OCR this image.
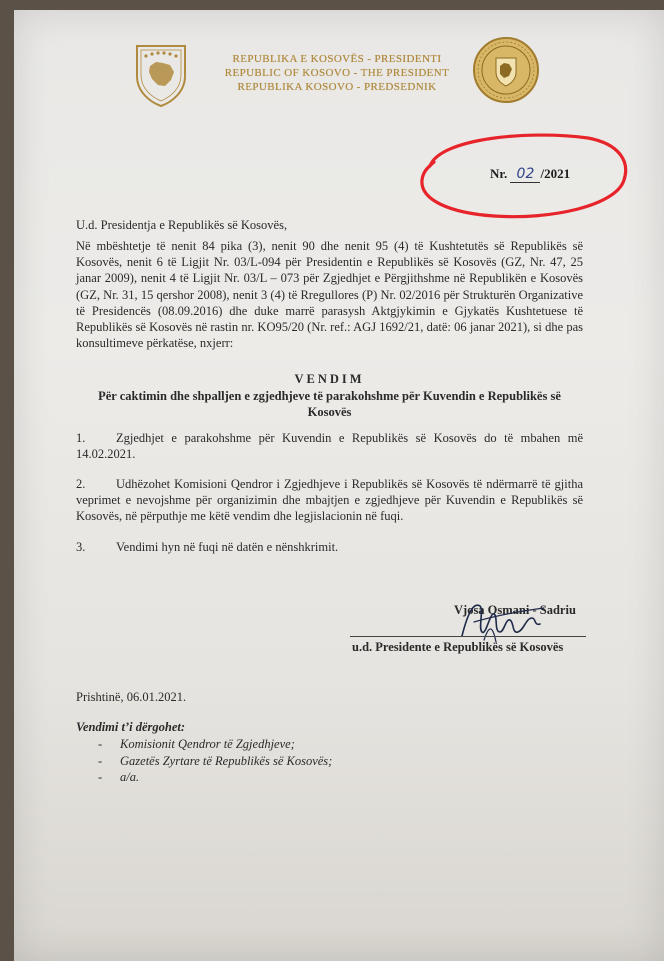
REPUBLIKA E KOSOVËS - PRESIDENTI
REPUBLIC OF KOSOVO - THE PRESIDENT
REPUBLIKA KOSOVO - PREDSEDNIK
Nr. 02 /2021
U.d. Presidentja e Republikës së Kosovës,
Në mbështetje të nenit 84 pika (3), nenit 90 dhe nenit 95 (4) të Kushtetutës së Republikës së Kosovës, nenit 6 të Ligjit Nr. 03/L-094 për Presidentin e Republikës së Kosovës (GZ, Nr. 47, 25 janar 2009), nenit 4 të Ligjit Nr. 03/L – 073 për Zgjedhjet e Përgjithshme në Republikën e Kosovës (GZ, Nr. 31, 15 qershor 2008), nenit 3 (4) të Rregullores (P) Nr. 02/2016 për Strukturën Organizative të Presidencës (08.09.2016) dhe duke marrë parasysh Aktgjykimin e Gjykatës Kushtetuese të Republikës së Kosovës në rastin nr. KO95/20 (Nr. ref.: AGJ 1692/21, datë: 06 janar 2021), si dhe pas konsultimeve përkatëse, nxjerr:
VENDIM
Për caktimin dhe shpalljen e zgjedhjeve të parakohshme për Kuvendin e Republikës së Kosovës
1. Zgjedhjet e parakohshme për Kuvendin e Republikës së Kosovës do të mbahen më 14.02.2021.
2. Udhëzohet Komisioni Qendror i Zgjedhjeve i Republikës së Kosovës të ndërmarrë të gjitha veprimet e nevojshme për organizimin dhe mbajtjen e zgjedhjeve për Kuvendin e Republikës së Kosovës, në përputhje me këtë vendim dhe legjislacionin në fuqi.
3. Vendimi hyn në fuqi në datën e nënshkrimit.
Vjosa Osmani - Sadriu
u.d. Presidente e Republikës së Kosovës
Prishtinë, 06.01.2021.
Vendimi t’i dërgohet:
- Komisionit Qendror të Zgjedhjeve;
- Gazetës Zyrtare të Republikës së Kosovës;
- a/a.
